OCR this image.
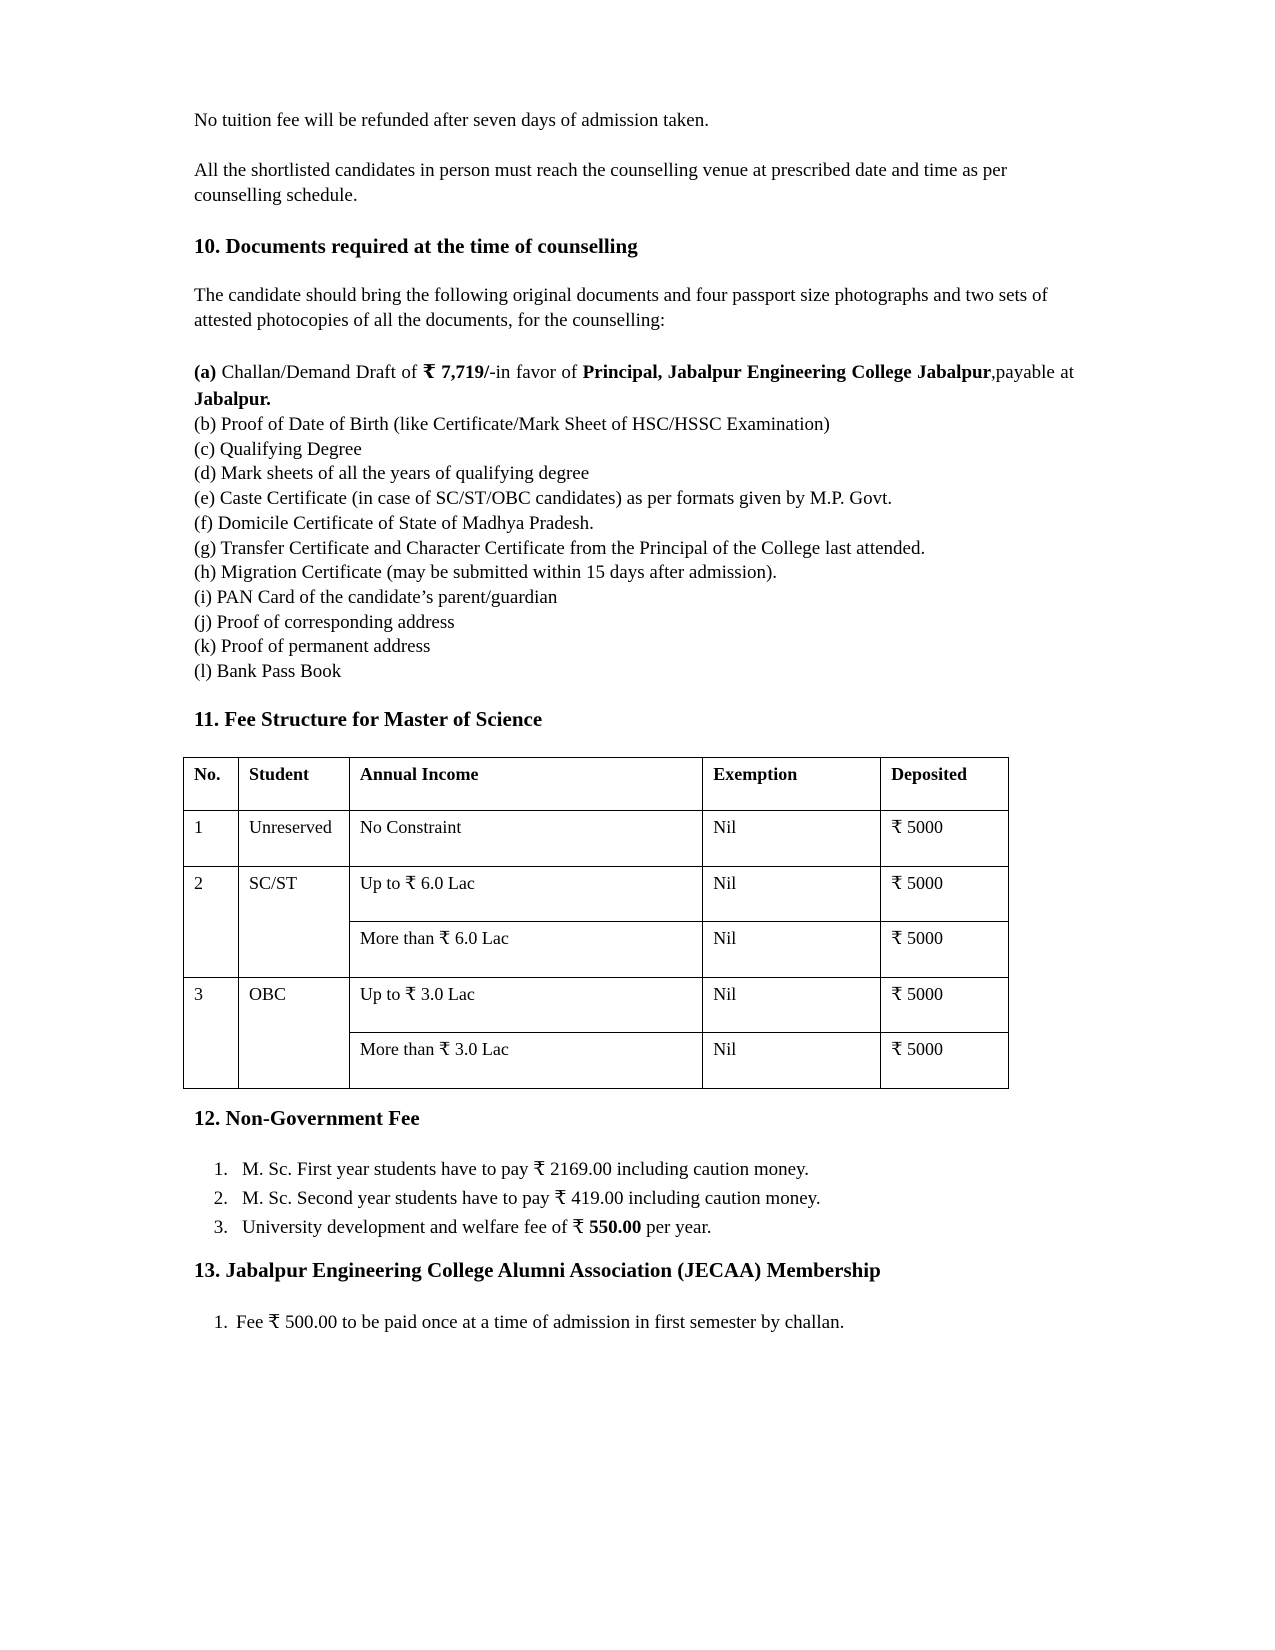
No tuition fee will be refunded after seven days of admission taken.

All the shortlisted candidates in person must reach the counselling venue at prescribed date and time as per counselling schedule.

10. Documents required at the time of counselling

The candidate should bring the following original documents and four passport size photographs and two sets of attested photocopies of all the documents, for the counselling:

(a) Challan/Demand Draft of ₹ 7,719/-in favor of Principal, Jabalpur Engineering College Jabalpur,payable at Jabalpur.
(b) Proof of Date of Birth (like Certificate/Mark Sheet of HSC/HSSC Examination)
(c) Qualifying Degree
(d) Mark sheets of all the years of qualifying degree
(e) Caste Certificate (in case of SC/ST/OBC candidates) as per formats given by M.P. Govt.
(f) Domicile Certificate of State of Madhya Pradesh.
(g) Transfer Certificate and Character Certificate from the Principal of the College last attended.
(h) Migration Certificate (may be submitted within 15 days after admission).
(i) PAN Card of the candidate’s parent/guardian
(j) Proof of corresponding address
(k) Proof of permanent address
(l) Bank Pass Book
11. Fee Structure for Master of Science
No.	Student	Annual Income	Exemption	Deposited
1	Unreserved	No Constraint	Nil	₹ 5000
2	SC/ST	Up to ₹ 6.0 Lac	Nil	₹ 5000
		More than ₹ 6.0 Lac	Nil	₹ 5000
3	OBC	Up to ₹ 3.0 Lac	Nil	₹ 5000
		More than ₹ 3.0 Lac	Nil	₹ 5000
12. Non-Government Fee
1. M. Sc. First year students have to pay ₹ 2169.00 including caution money.
2. M. Sc. Second year students have to pay ₹ 419.00 including caution money.
3. University development and welfare fee of ₹ 550.00 per year.
13. Jabalpur Engineering College Alumni Association (JECAA) Membership
1. Fee ₹ 500.00 to be paid once at a time of admission in first semester by challan.
